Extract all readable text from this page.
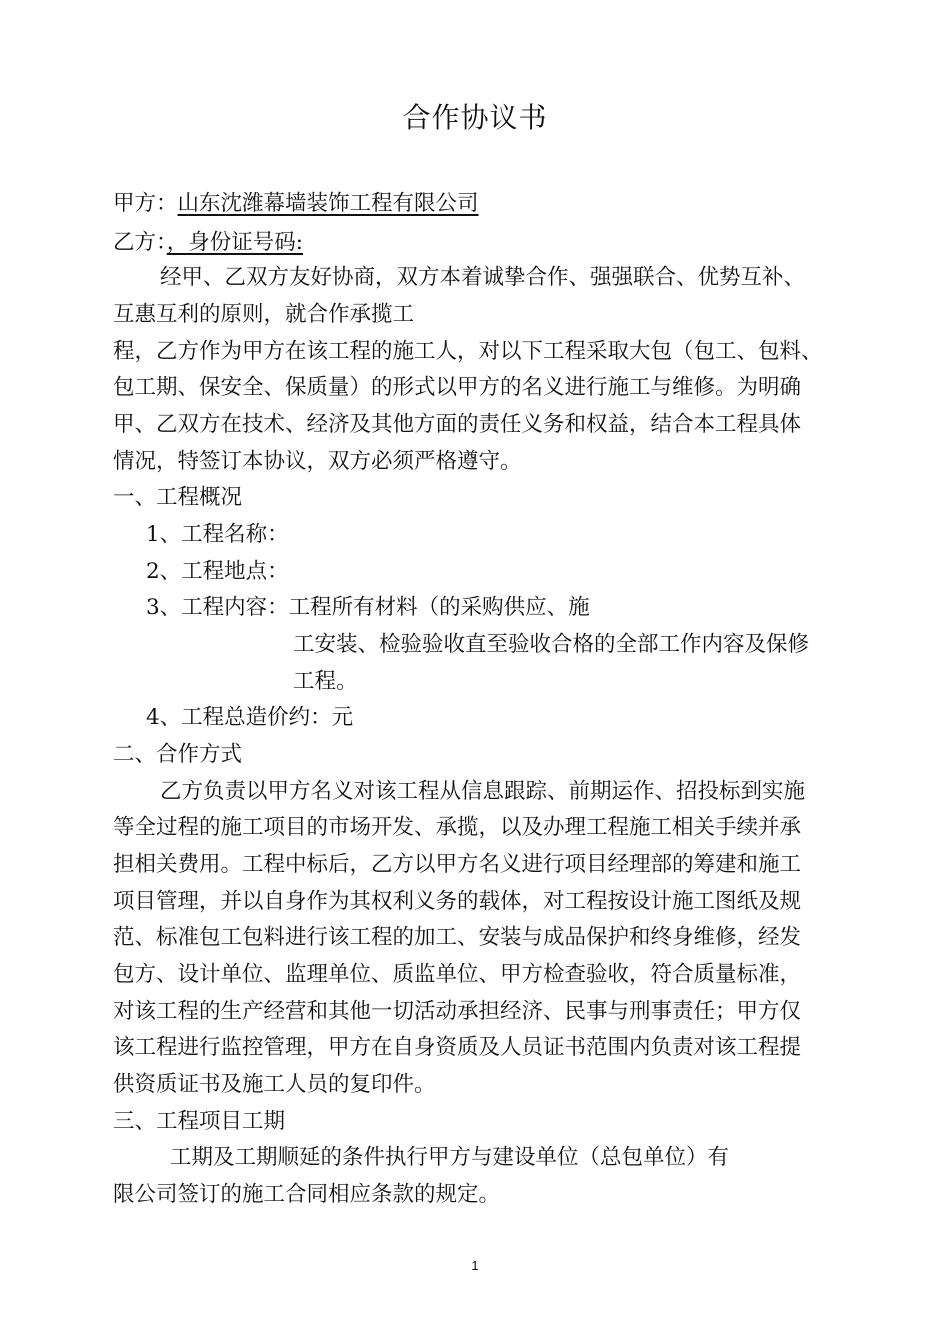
合作协议书
甲方：山东沈潍幕墙装饰工程有限公司
乙方：，身份证号码:
经甲、乙双方友好协商，双方本着诚挚合作、强强联合、优势互补、
互惠互利的原则，就合作承揽工
程，乙方作为甲方在该工程的施工人，对以下工程采取大包（包工、包料、
包工期、保安全、保质量）的形式以甲方的名义进行施工与维修。为明确
甲、乙双方在技术、经济及其他方面的责任义务和权益，结合本工程具体
情况，特签订本协议，双方必须严格遵守。
一、工程概况
1、工程名称：
2、工程地点：
3、工程内容：工程所有材料（的采购供应、施
工安装、检验验收直至验收合格的全部工作内容及保修
工程。
4、工程总造价约：元
二、合作方式
乙方负责以甲方名义对该工程从信息跟踪、前期运作、招投标到实施
等全过程的施工项目的市场开发、承揽，以及办理工程施工相关手续并承
担相关费用。工程中标后，乙方以甲方名义进行项目经理部的筹建和施工
项目管理，并以自身作为其权利义务的载体，对工程按设计施工图纸及规
范、标准包工包料进行该工程的加工、安装与成品保护和终身维修，经发
包方、设计单位、监理单位、质监单位、甲方检查验收，符合质量标准，
对该工程的生产经营和其他一切活动承担经济、民事与刑事责任；甲方仅
该工程进行监控管理，甲方在自身资质及人员证书范围内负责对该工程提
供资质证书及施工人员的复印件。
三、工程项目工期
工期及工期顺延的条件执行甲方与建设单位（总包单位）有
限公司签订的施工合同相应条款的规定。
1
